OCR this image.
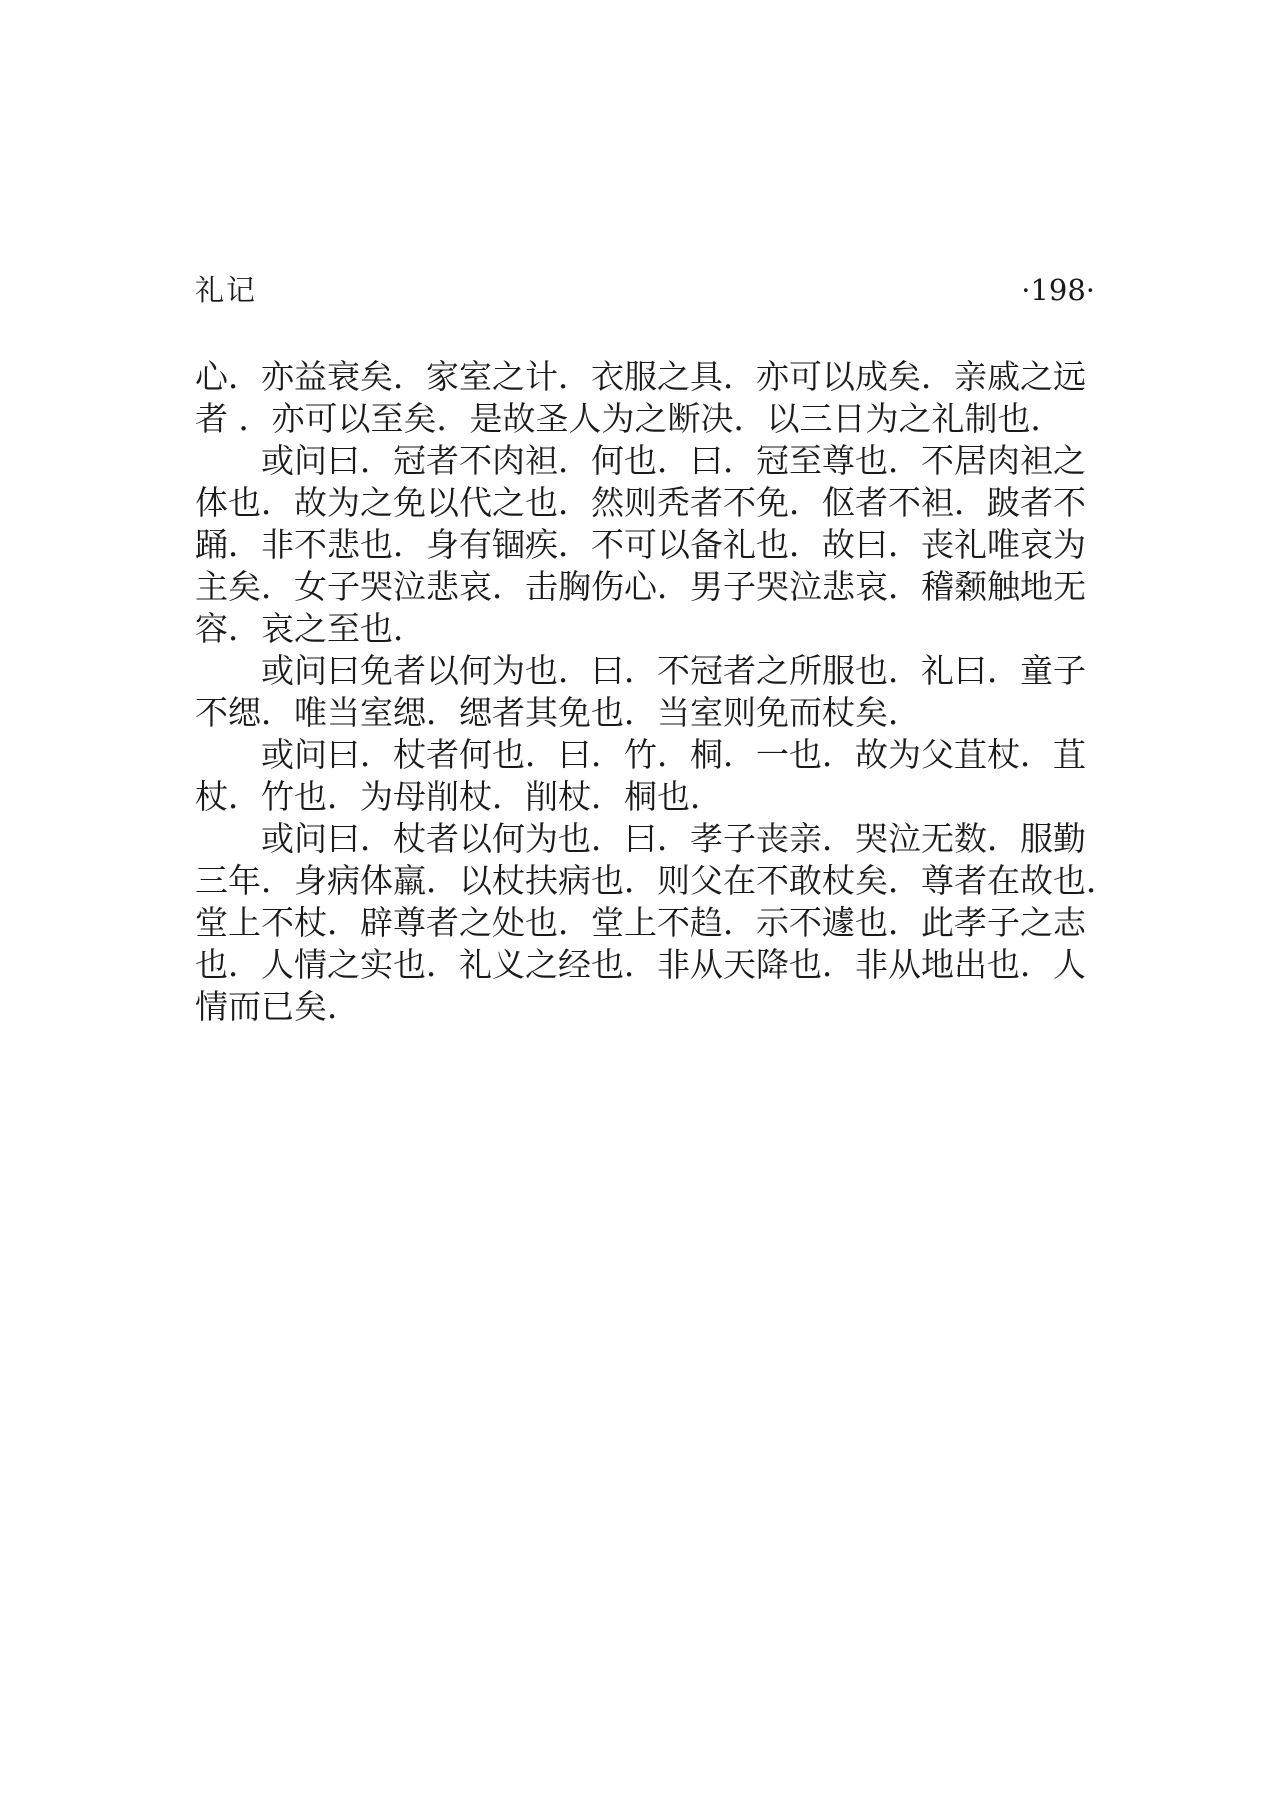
礼记	·198·
心．亦益衰矣．家室之计．衣服之具．亦可以成矣．亲戚之远
者 ．亦可以至矣．是故圣人为之断决．以三日为之礼制也．
或问曰．冠者不肉袒．何也．曰．冠至尊也．不居肉袒之
体也．故为之免以代之也．然则秃者不免．伛者不袒．跛者不
踊．非不悲也．身有锢疾．不可以备礼也．故曰．丧礼唯哀为
主矣．女子哭泣悲哀．击胸伤心．男子哭泣悲哀．稽颡触地无
容．哀之至也．
或问曰免者以何为也．曰．不冠者之所服也．礼曰．童子
不缌．唯当室缌．缌者其免也．当室则免而杖矣．
或问曰．杖者何也．曰．竹．桐．一也．故为父苴杖．苴
杖．竹也．为母削杖．削杖．桐也．
或问曰．杖者以何为也．曰．孝子丧亲．哭泣无数．服勤
三年．身病体羸．以杖扶病也．则父在不敢杖矣．尊者在故也．
堂上不杖．辟尊者之处也．堂上不趋．示不遽也．此孝子之志
也．人情之实也．礼义之经也．非从天降也．非从地出也．人
情而已矣．
